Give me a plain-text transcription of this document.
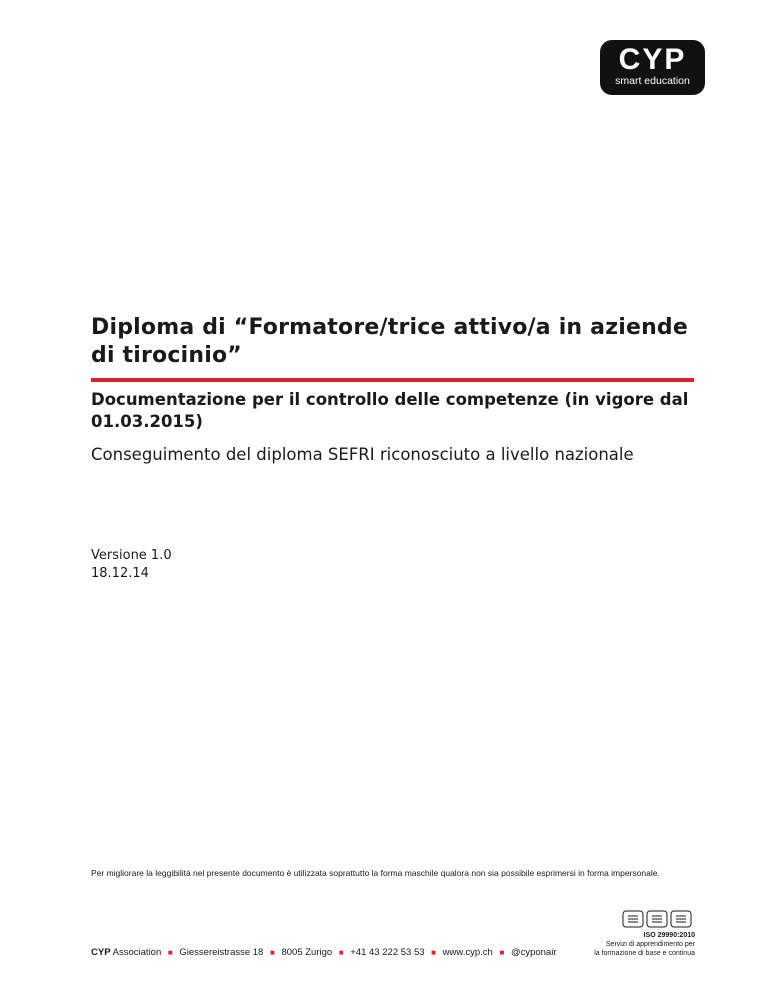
CYP
smart education
Diploma di “Formatore/trice attivo/a in aziende di tirocinio”
Documentazione per il controllo delle competenze (in vigore dal 01.03.2015)

Conseguimento del diploma SEFRI riconosciuto a livello nazionale

Versione 1.0

18.12.14

Per migliorare la leggibilità nel presente documento è utilizzata soprattutto la forma maschile qualora non sia possibile esprimersi in forma impersonale.

CYP Association ■ Giessereistrasse 18 ■ 8005 Zurigo ■ +41 43 222 53 53 ■ www.cyp.ch ■ @cyponair
ISO 29990:2010
Servizi di apprendimento per
la formazione di base e continua
